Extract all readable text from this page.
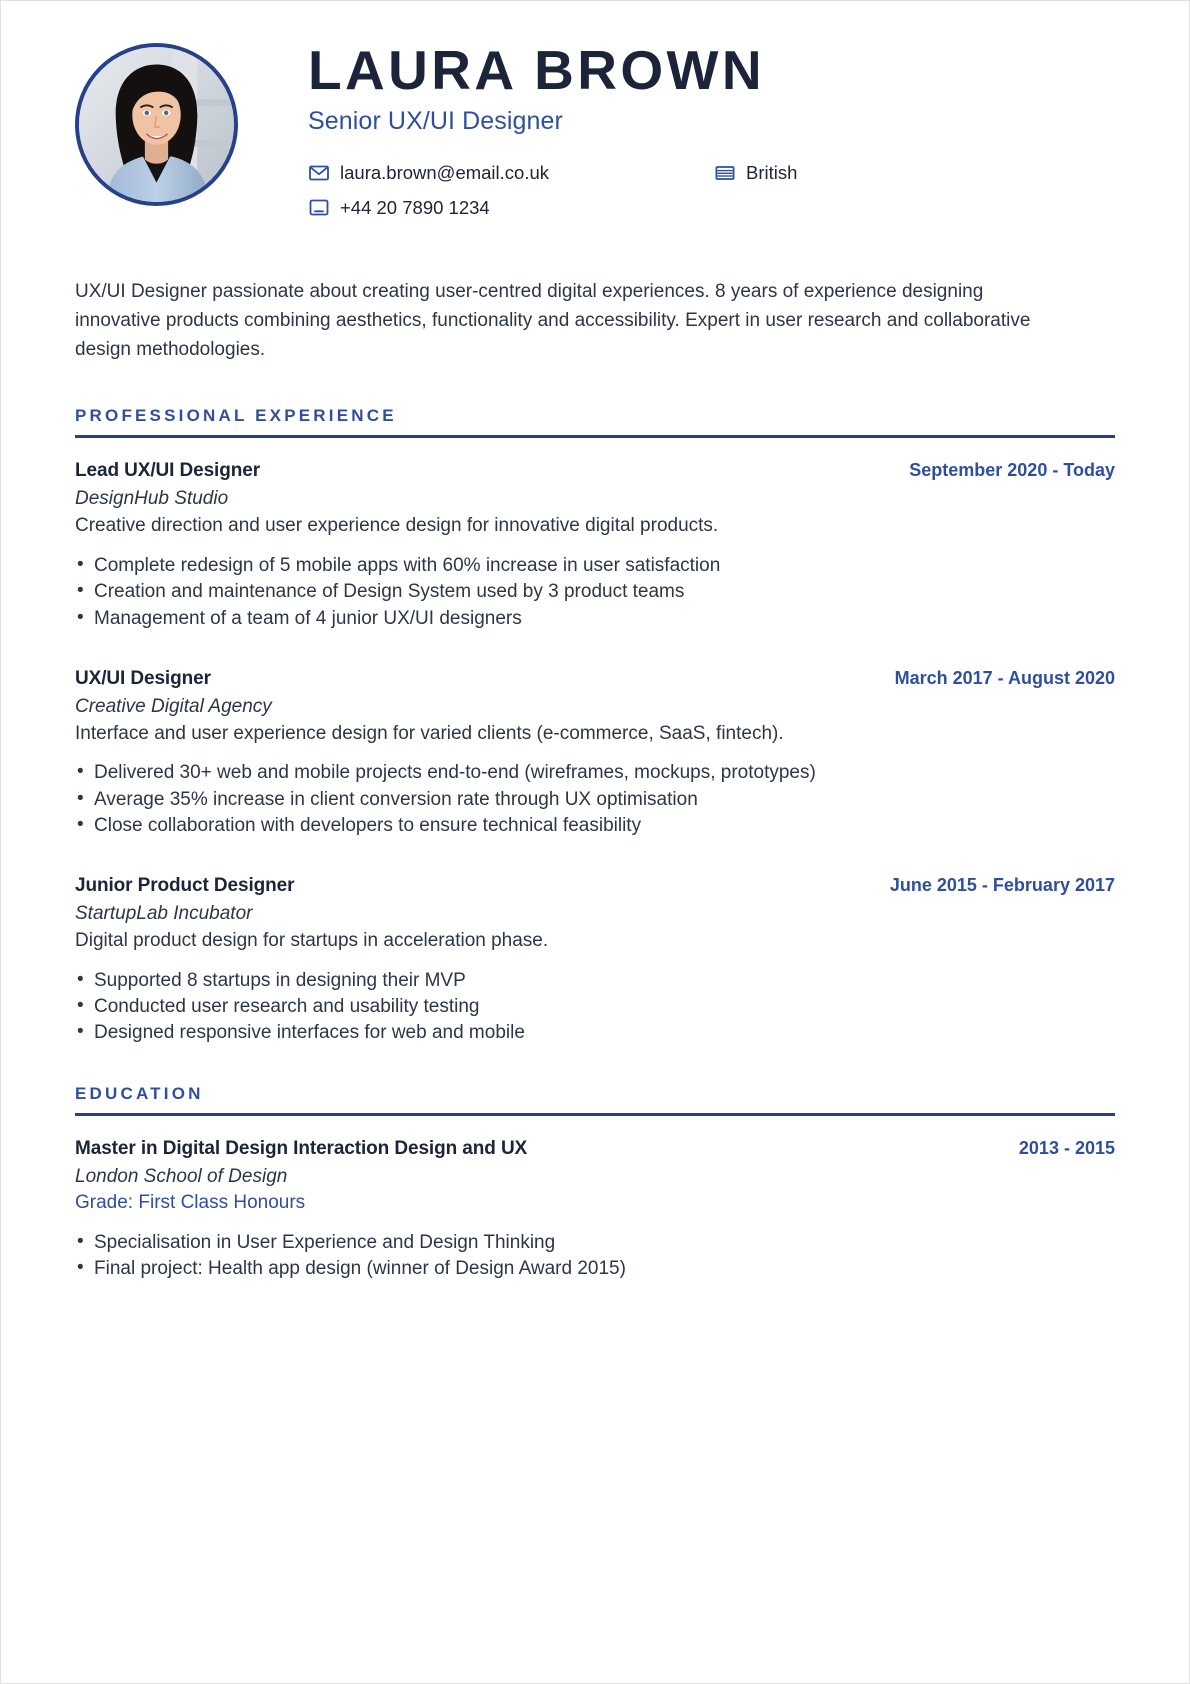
LAURA BROWN
Senior UX/UI Designer
laura.brown@email.co.uk
+44 20 7890 1234
British
UX/UI Designer passionate about creating user-centred digital experiences. 8 years of experience designing innovative products combining aesthetics, functionality and accessibility. Expert in user research and collaborative design methodologies.
PROFESSIONAL EXPERIENCE
Lead UX/UI Designer	September 2020 - Today
DesignHub Studio
Creative direction and user experience design for innovative digital products.
• Complete redesign of 5 mobile apps with 60% increase in user satisfaction
• Creation and maintenance of Design System used by 3 product teams
• Management of a team of 4 junior UX/UI designers
UX/UI Designer	March 2017 - August 2020
Creative Digital Agency
Interface and user experience design for varied clients (e-commerce, SaaS, fintech).
• Delivered 30+ web and mobile projects end-to-end (wireframes, mockups, prototypes)
• Average 35% increase in client conversion rate through UX optimisation
• Close collaboration with developers to ensure technical feasibility
Junior Product Designer	June 2015 - February 2017
StartupLab Incubator
Digital product design for startups in acceleration phase.
• Supported 8 startups in designing their MVP
• Conducted user research and usability testing
• Designed responsive interfaces for web and mobile
EDUCATION
Master in Digital Design Interaction Design and UX	2013 - 2015
London School of Design
Grade: First Class Honours
• Specialisation in User Experience and Design Thinking
• Final project: Health app design (winner of Design Award 2015)
